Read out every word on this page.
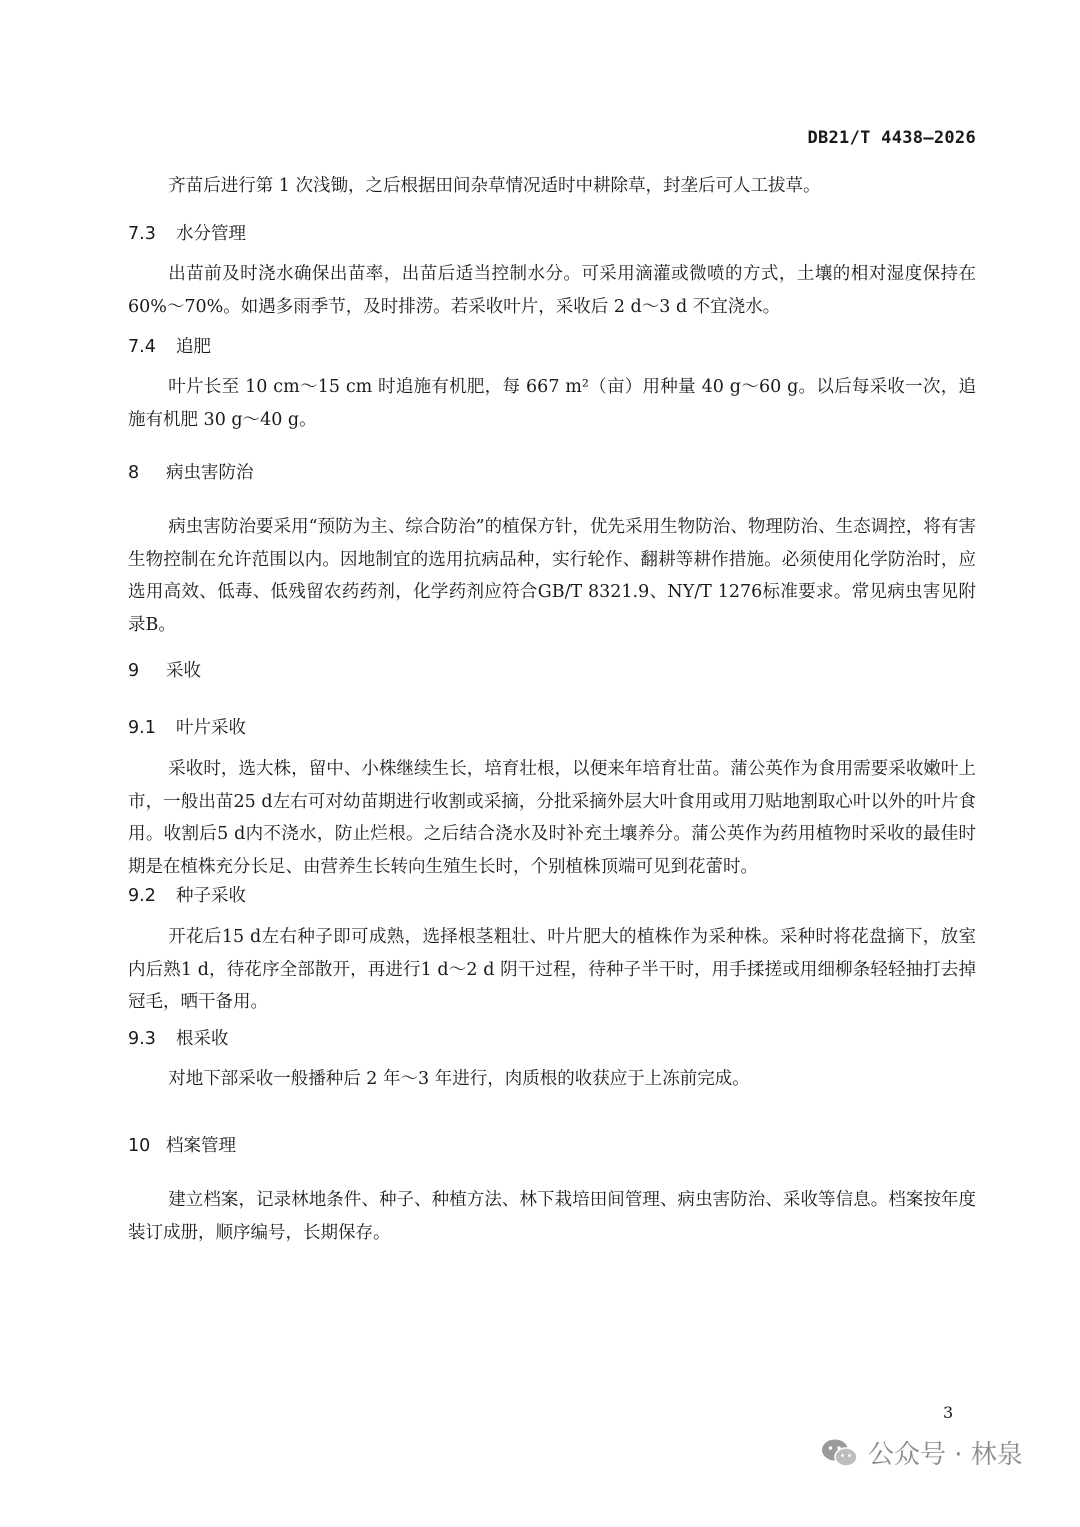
DB21/T 4438—2026

齐苗后进行第 1 次浅锄，之后根据田间杂草情况适时中耕除草，封垄后可人工拔草。

7.3 水分管理

出苗前及时浇水确保出苗率，出苗后适当控制水分。可采用滴灌或微喷的方式，土壤的相对湿度保持在 60%～70%。如遇多雨季节，及时排涝。若采收叶片，采收后 2 d～3 d 不宜浇水。

7.4 追肥

叶片长至 10 cm～15 cm 时追施有机肥，每 667 m²（亩）用种量 40 g～60 g。以后每采收一次，追施有机肥 30 g～40 g。

8 病虫害防治

病虫害防治要采用“预防为主、综合防治”的植保方针，优先采用生物防治、物理防治、生态调控，将有害生物控制在允许范围以内。因地制宜的选用抗病品种，实行轮作、翻耕等耕作措施。必须使用化学防治时，应选用高效、低毒、低残留农药药剂，化学药剂应符合GB/T 8321.9、NY/T 1276标准要求。常见病虫害见附录B。

9 采收
9.1 叶片采收

采收时，选大株，留中、小株继续生长，培育壮根，以便来年培育壮苗。蒲公英作为食用需要采收嫩叶上市，一般出苗25 d左右可对幼苗期进行收割或采摘，分批采摘外层大叶食用或用刀贴地割取心叶以外的叶片食用。收割后5 d内不浇水，防止烂根。之后结合浇水及时补充土壤养分。蒲公英作为药用植物时采收的最佳时期是在植株充分长足、由营养生长转向生殖生长时，个别植株顶端可见到花蕾时。

9.2 种子采收

开花后15 d左右种子即可成熟，选择根茎粗壮、叶片肥大的植株作为采种株。采种时将花盘摘下，放室内后熟1 d，待花序全部散开，再进行1 d～2 d 阴干过程，待种子半干时，用手揉搓或用细柳条轻轻抽打去掉冠毛，晒干备用。

9.3 根采收

对地下部采收一般播种后 2 年～3 年进行，肉质根的收获应于上冻前完成。

10 档案管理

建立档案，记录林地条件、种子、种植方法、林下栽培田间管理、病虫害防治、采收等信息。档案按年度装订成册，顺序编号，长期保存。

3
公众号 · 林泉
